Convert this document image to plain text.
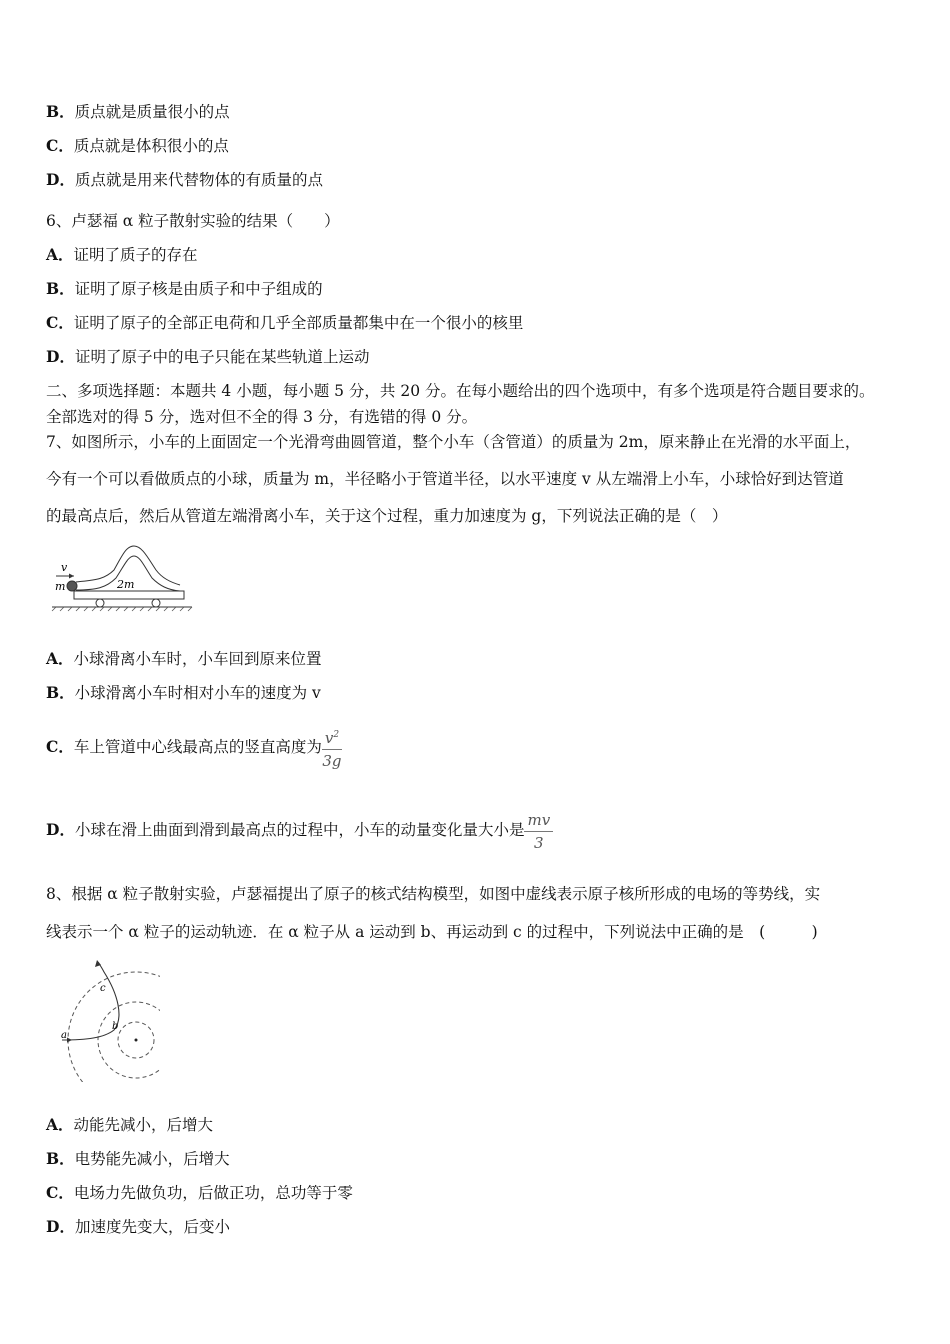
B．质点就是质量很小的点
C．质点就是体积很小的点
D．质点就是用来代替物体的有质量的点
6、卢瑟福 α 粒子散射实验的结果（　　）
A．证明了质子的存在
B．证明了原子核是由质子和中子组成的
C．证明了原子的全部正电荷和几乎全部质量都集中在一个很小的核里
D．证明了原子中的电子只能在某些轨道上运动
二、多项选择题：本题共 4 小题，每小题 5 分，共 20 分。在每小题给出的四个选项中，有多个选项是符合题目要求的。
全部选对的得 5 分，选对但不全的得 3 分，有选错的得 0 分。
7、如图所示，小车的上面固定一个光滑弯曲圆管道，整个小车（含管道）的质量为 2m，原来静止在光滑的水平面上，
今有一个可以看做质点的小球，质量为 m，半径略小于管道半径，以水平速度 v 从左端滑上小车，小球恰好到达管道
的最高点后，然后从管道左端滑离小车，关于这个过程，重力加速度为 g，下列说法正确的是（　）
v
m	2m
A．小球滑离小车时，小车回到原来位置
B．小球滑离小车时相对小车的速度为 v
C．车上管道中心线最高点的竖直高度为 $\frac{v^2}{3g}$
D．小球在滑上曲面到滑到最高点的过程中，小车的动量变化量大小是 $\frac{mv}{3}$
8、根据 α 粒子散射实验，卢瑟福提出了原子的核式结构模型，如图中虚线表示原子核所形成的电场的等势线，实
线表示一个 α 粒子的运动轨迹．在 α 粒子从 a 运动到 b、再运动到 c 的过程中，下列说法中正确的是　(　　　)
a
b
c
A．动能先减小，后增大
B．电势能先减小，后增大
C．电场力先做负功，后做正功，总功等于零
D．加速度先变大，后变小
